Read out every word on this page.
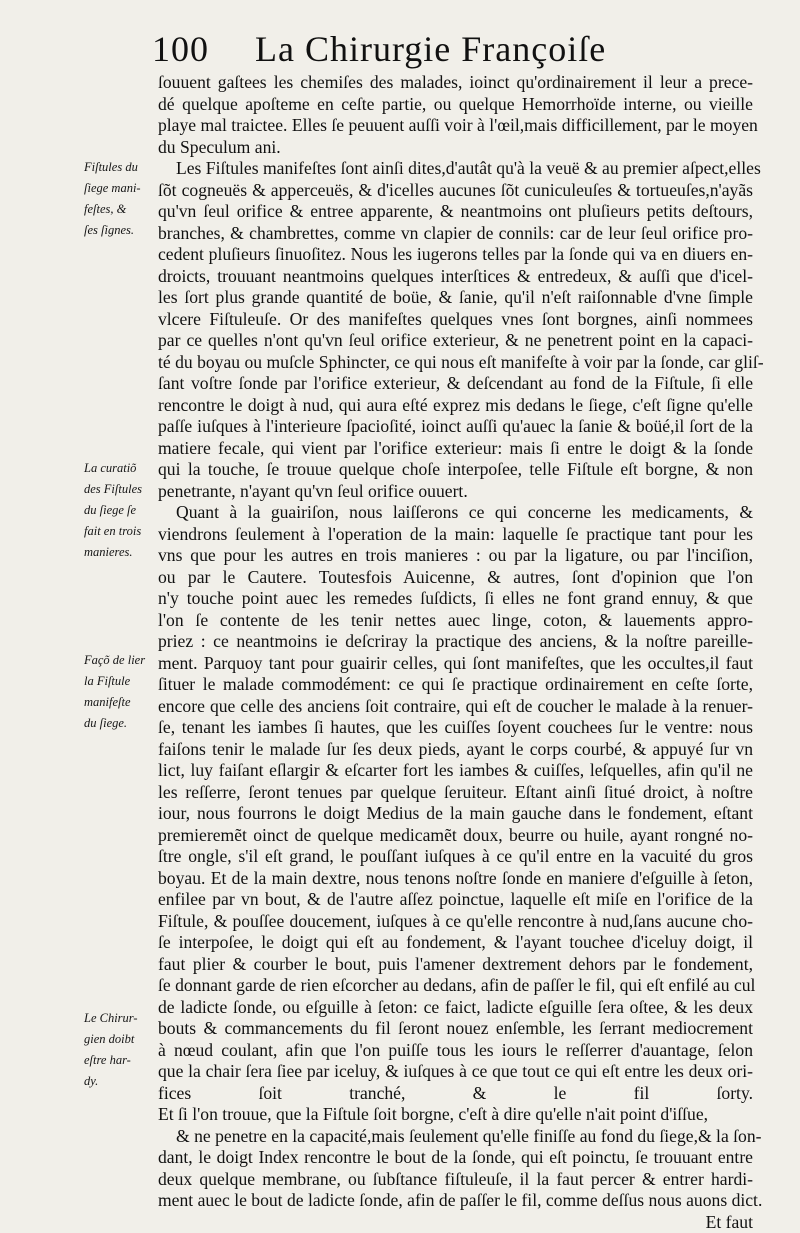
100 La Chirurgie Françoiſe
Fiſtules du
ſiege mani-
feſtes, &
ſes ſignes.
La curatiõ
des Fiſtules
du ſiege ſe
fait en trois
manieres.
Façõ de lier
la Fiſtule
manifeſte
du ſiege.
Le Chirur-
gien doibt
eſtre har-
dy.
ſouuent gaſtees les chemiſes des malades, ioinct qu'ordinairement il leur a prece-
dé quelque apoſteme en ceſte partie, ou quelque Hemorrhoïde interne, ou vieille
playe mal traictee. Elles ſe peuuent auſſi voir à l'œil,mais difficillement, par le moyen
du Speculum ani.
Les Fiſtules manifeſtes ſont ainſi dites,d'autât qu'à la veuë & au premier aſpect,elles
ſõt cogneuës & apperceuës, & d'icelles aucunes ſõt cuniculeuſes & tortueuſes,n'ayãs
qu'vn ſeul orifice & entree apparente, & neantmoins ont pluſieurs petits deſtours,
branches, & chambrettes, comme vn clapier de connils: car de leur ſeul orifice pro-
cedent pluſieurs ſinuoſitez. Nous les iugerons telles par la ſonde qui va en diuers en-
droicts, trouuant neantmoins quelques interſtices & entredeux, & auſſi que d'icel-
les ſort plus grande quantité de boüe, & ſanie, qu'il n'eſt raiſonnable d'vne ſimple
vlcere Fiſtuleuſe. Or des manifeſtes quelques vnes ſont borgnes, ainſi nommees
par ce quelles n'ont qu'vn ſeul orifice exterieur, & ne penetrent point en la capaci-
té du boyau ou muſcle Sphincter, ce qui nous eſt manifeſte à voir par la ſonde, car gliſ-
ſant voſtre ſonde par l'orifice exterieur, & deſcendant au fond de la Fiſtule, ſi elle
rencontre le doigt à nud, qui aura eſté exprez mis dedans le ſiege, c'eſt ſigne qu'elle
paſſe iuſques à l'interieure ſpacioſité, ioinct auſſi qu'auec la ſanie & boüé,il ſort de la
matiere fecale, qui vient par l'orifice exterieur: mais ſi entre le doigt & la ſonde
qui la touche, ſe trouue quelque choſe interpoſee, telle Fiſtule eſt borgne, & non
penetrante, n'ayant qu'vn ſeul orifice ouuert.
Quant à la guairiſon, nous laiſſerons ce qui concerne les medicaments, &
viendrons ſeulement à l'operation de la main: laquelle ſe practique tant pour les
vns que pour les autres en trois manieres : ou par la ligature, ou par l'inciſion,
ou par le Cautere. Toutesfois Auicenne, & autres, ſont d'opinion que l'on
n'y touche point auec les remedes ſuſdicts, ſi elles ne font grand ennuy, & que
l'on ſe contente de les tenir nettes auec linge, coton, & lauements appro-
priez : ce neantmoins ie deſcriray la practique des anciens, & la noſtre pareille-
ment. Parquoy tant pour guairir celles, qui ſont manifeſtes, que les occultes,il faut
ſituer le malade commodément: ce qui ſe practique ordinairement en ceſte ſorte,
encore que celle des anciens ſoit contraire, qui eſt de coucher le malade à la renuer-
ſe, tenant les iambes ſi hautes, que les cuiſſes ſoyent couchees ſur le ventre: nous
faiſons tenir le malade ſur ſes deux pieds, ayant le corps courbé, & appuyé ſur vn
lict, luy faiſant eſlargir & eſcarter fort les iambes & cuiſſes, leſquelles, afin qu'il ne
les reſſerre, ſeront tenues par quelque ſeruiteur. Eſtant ainſi ſitué droict, à noſtre
iour, nous fourrons le doigt Medius de la main gauche dans le fondement, eſtant
premieremẽt oinct de quelque medicamẽt doux, beurre ou huile, ayant rongné no-
ſtre ongle, s'il eſt grand, le pouſſant iuſques à ce qu'il entre en la vacuité du gros
boyau. Et de la main dextre, nous tenons noſtre ſonde en maniere d'eſguille à ſeton,
enfilee par vn bout, & de l'autre aſſez poinctue, laquelle eſt miſe en l'orifice de la
Fiſtule, & pouſſee doucement, iuſques à ce qu'elle rencontre à nud,ſans aucune cho-
ſe interpoſee, le doigt qui eſt au fondement, & l'ayant touchee d'iceluy doigt, il
faut plier & courber le bout, puis l'amener dextrement dehors par le fondement,
ſe donnant garde de rien eſcorcher au dedans, afin de paſſer le fil, qui eſt enfilé au cul
de ladicte ſonde, ou eſguille à ſeton: ce faict, ladicte eſguille ſera oſtee, & les deux
bouts & commancements du fil ſeront nouez enſemble, les ſerrant mediocrement
à nœud coulant, afin que l'on puiſſe tous les iours le reſſerrer d'auantage, ſelon
que la chair ſera ſiee par iceluy, & iuſques à ce que tout ce qui eſt entre les deux ori-
fices ſoit tranché, & le fil ſorty.
Et ſi l'on trouue, que la Fiſtule ſoit borgne, c'eſt à dire qu'elle n'ait point d'iſſue,
& ne penetre en la capacité,mais ſeulement qu'elle finiſſe au fond du ſiege,& la ſon-
dant, le doigt Index rencontre le bout de la ſonde, qui eſt poinctu, ſe trouuant entre
deux quelque membrane, ou ſubſtance fiſtuleuſe, il la faut percer & entrer hardi-
ment auec le bout de ladicte ſonde, afin de paſſer le fil, comme deſſus nous auons dict.
Et faut
